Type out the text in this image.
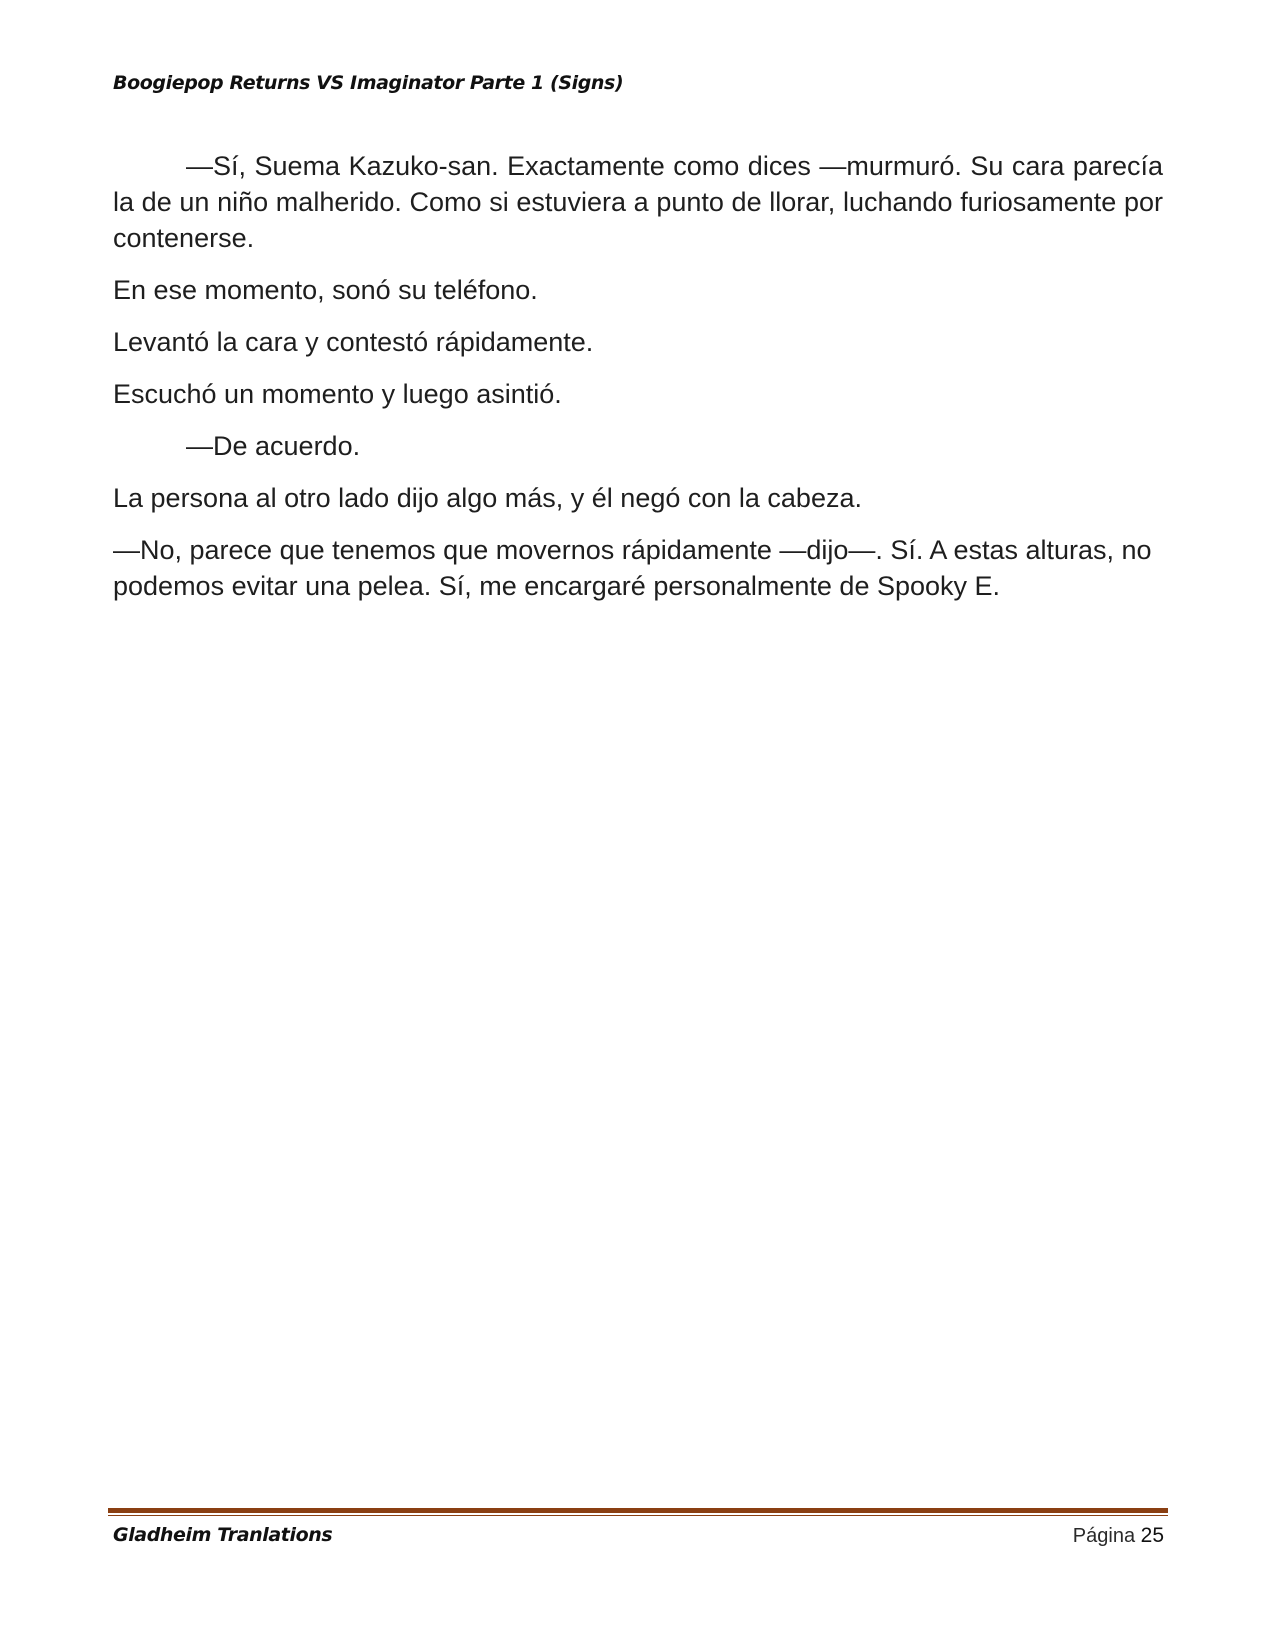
Boogiepop Returns VS Imaginator Parte 1 (Signs)

—Sí, Suema Kazuko-san. Exactamente como dices —murmuró. Su cara parecía la de un niño malherido. Como si estuviera a punto de llorar, luchando furiosamente por contenerse.

En ese momento, sonó su teléfono.

Levantó la cara y contestó rápidamente.

Escuchó un momento y luego asintió.

—De acuerdo.

La persona al otro lado dijo algo más, y él negó con la cabeza.

—No, parece que tenemos que movernos rápidamente —dijo—. Sí. A estas alturas, no podemos evitar una pelea. Sí, me encargaré personalmente de Spooky E.

Gladheim Tranlations	Página 25
